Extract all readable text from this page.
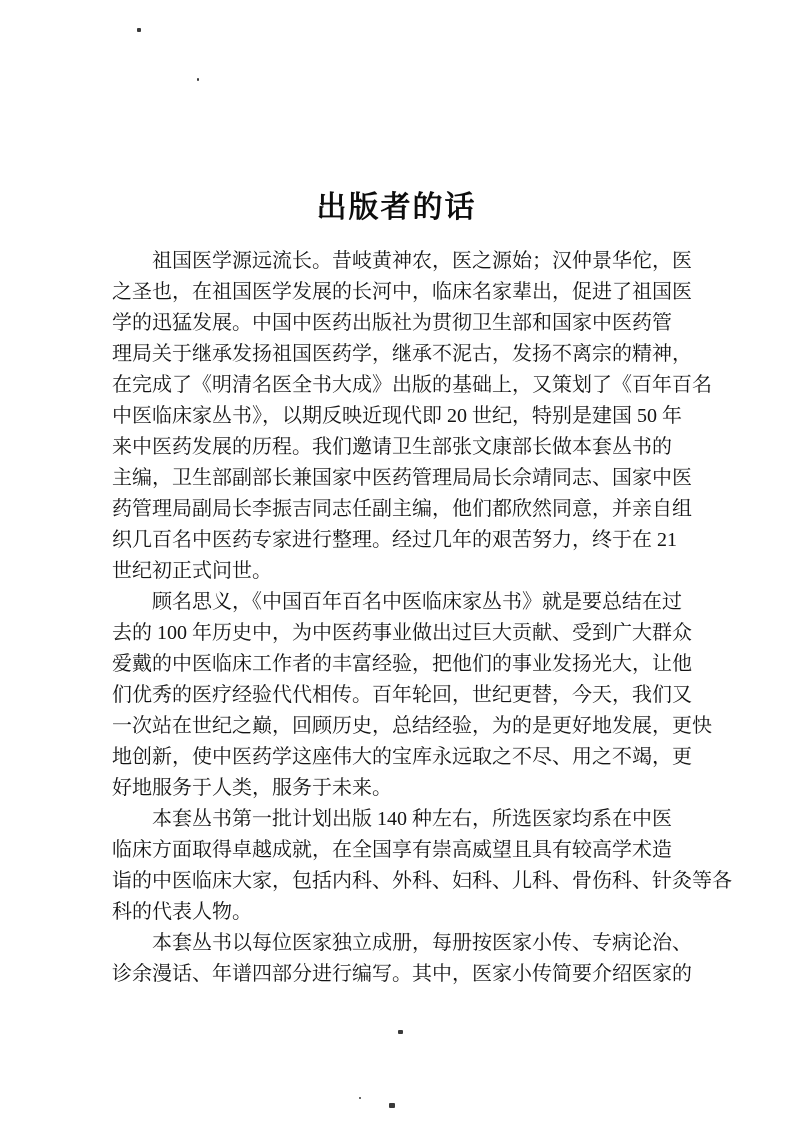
出版者的话
祖国医学源远流长。昔岐黄神农，医之源始；汉仲景华佗，医
之圣也，在祖国医学发展的长河中，临床名家辈出，促进了祖国医
学的迅猛发展。中国中医药出版社为贯彻卫生部和国家中医药管
理局关于继承发扬祖国医药学，继承不泥古，发扬不离宗的精神，
在完成了《明清名医全书大成》出版的基础上，又策划了《百年百名
中医临床家丛书》，以期反映近现代即 20 世纪，特别是建国 50 年
来中医药发展的历程。我们邀请卫生部张文康部长做本套丛书的
主编，卫生部副部长兼国家中医药管理局局长佘靖同志、国家中医
药管理局副局长李振吉同志任副主编，他们都欣然同意，并亲自组
织几百名中医药专家进行整理。经过几年的艰苦努力，终于在 21
世纪初正式问世。
顾名思义，《中国百年百名中医临床家丛书》就是要总结在过
去的 100 年历史中，为中医药事业做出过巨大贡献、受到广大群众
爱戴的中医临床工作者的丰富经验，把他们的事业发扬光大，让他
们优秀的医疗经验代代相传。百年轮回，世纪更替，今天，我们又
一次站在世纪之巅，回顾历史，总结经验，为的是更好地发展，更快
地创新，使中医药学这座伟大的宝库永远取之不尽、用之不竭，更
好地服务于人类，服务于未来。
本套丛书第一批计划出版 140 种左右，所选医家均系在中医
临床方面取得卓越成就，在全国享有崇高威望且具有较高学术造
诣的中医临床大家，包括内科、外科、妇科、儿科、骨伤科、针灸等各
科的代表人物。
本套丛书以每位医家独立成册，每册按医家小传、专病论治、
诊余漫话、年谱四部分进行编写。其中，医家小传简要介绍医家的
